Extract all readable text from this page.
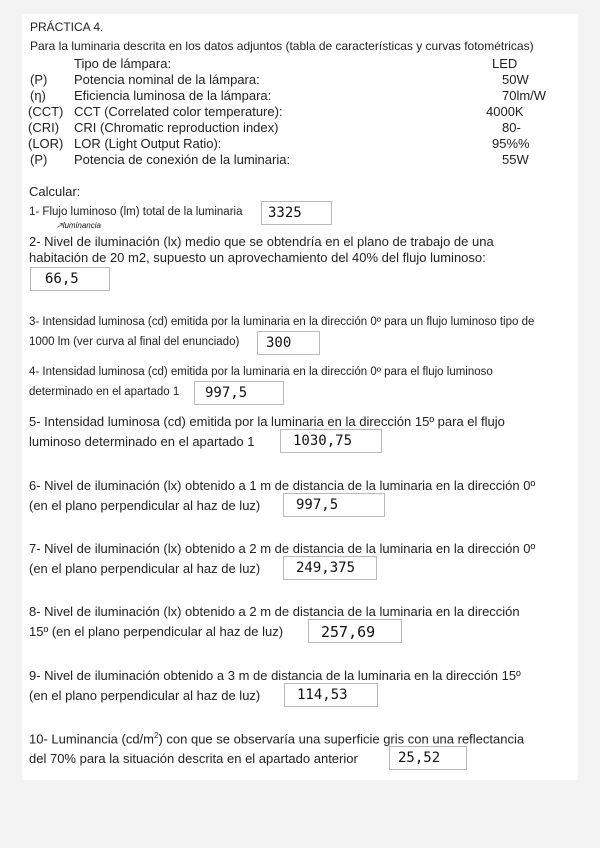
PRÁCTICA 4.
Para la luminaria descrita en los datos adjuntos (tabla de características y curvas fotométricas)
Tipo de lámpara:	LED
(P) Potencia nominal de la lámpara:	50W
(η) Eficiencia luminosa de la lámpara:	70lm/W
(CCT) CCT (Correlated color temperature):	4000K
(CRI) CRI (Chromatic reproduction index)	80-
(LOR) LOR (Light Output Ratio):	95%%
(P) Potencia de conexión de la luminaria:	55W
Calcular:
1- Flujo luminoso (lm) total de la luminaria 3325
↗luminancia
2- Nivel de iluminación (lx) medio que se obtendría en el plano de trabajo de una
habitación de 20 m2, supuesto un aprovechamiento del 40% del flujo luminoso:
66,5
3- Intensidad luminosa (cd) emitida por la luminaria en la dirección 0º para un flujo luminoso tipo de
1000 lm (ver curva al final del enunciado) 300
4- Intensidad luminosa (cd) emitida por la luminaria en la dirección 0º para el flujo luminoso
determinado en el apartado 1 997,5
5- Intensidad luminosa (cd) emitida por la luminaria en la dirección 15º para el flujo
luminoso determinado en el apartado 1	1030,75
6- Nivel de iluminación (lx) obtenido a 1 m de distancia de la luminaria en la dirección 0º
(en el plano perpendicular al haz de luz)	997,5
7- Nivel de iluminación (lx) obtenido a 2 m de distancia de la luminaria en la dirección 0º
(en el plano perpendicular al haz de luz)	249,375
8- Nivel de iluminación (lx) obtenido a 2 m de distancia de la luminaria en la dirección
15º (en el plano perpendicular al haz de luz)	257,69
9- Nivel de iluminación obtenido a 3 m de distancia de la luminaria en la dirección 15º
(en el plano perpendicular al haz de luz)	114,53
10- Luminancia $(cd/m^2)$ con que se observaría una superficie gris con una reflectancia
del 70% para la situación descrita en el apartado anterior	25,52
